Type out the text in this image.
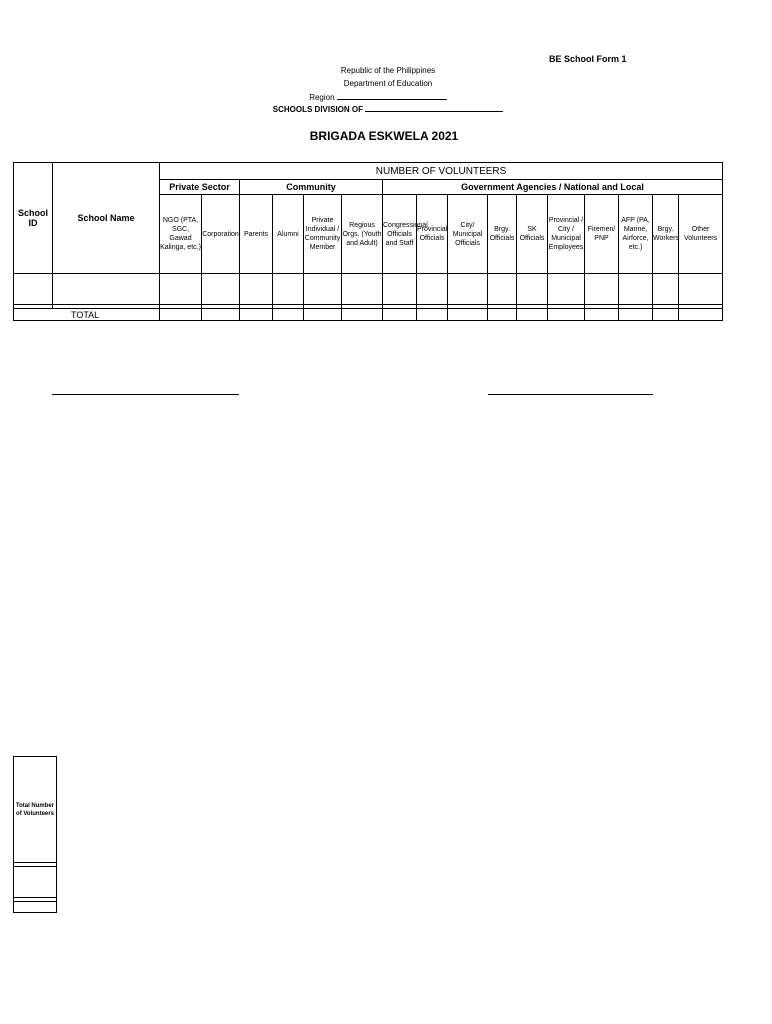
BE School Form 1
Republic of the Philippines
Department of Education
Region
SCHOOLS DIVISION OF
BRIGADA ESKWELA 2021
School ID	School Name	NUMBER OF VOLUNTEERS															
		Private Sector		Community				Government Agencies / National and Local									
		NGO (PTA, SGC, Gawad Kalinga, etc.)	Corporation	Parents	Alumni	Private Individual / Community Member	Regious Orgs. (Youth and Adult)	Congressional Officials and Staff	Provincial Officials	City/ Municipal Officials	Brgy. Officials	SK Officials	Provincial / City / Municipal Employees	Firemen/ PNP	AFP (PA, Marine, Airforce, etc.)	Brgy. Workers	Other Volunteers

TOTAL																	
Total Number of Volunteers
